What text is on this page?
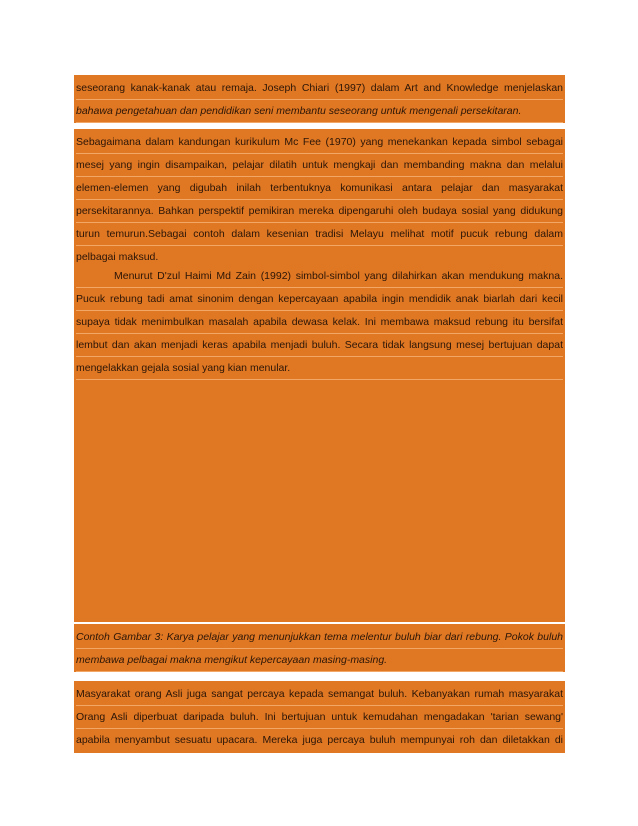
seseorang kanak-kanak atau remaja. Joseph Chiari (1997) dalam Art and Knowledge menjelaskan
bahawa pengetahuan dan pendidikan seni membantu seseorang untuk mengenali persekitaran.
Sebagaimana dalam kandungan kurikulum Mc Fee (1970) yang menekankan kepada simbol sebagai
mesej yang ingin disampaikan, pelajar dilatih untuk mengkaji dan membanding makna dan melalui
elemen-elemen yang digubah inilah terbentuknya komunikasi antara pelajar dan masyarakat
persekitarannya. Bahkan perspektif pemikiran mereka dipengaruhi oleh budaya sosial yang didukung
turun temurun.Sebagai contoh dalam kesenian tradisi Melayu melihat motif pucuk rebung dalam
pelbagai maksud.
Menurut D'zul Haimi Md Zain (1992) simbol-simbol yang dilahirkan akan mendukung makna.
Pucuk rebung tadi amat sinonim dengan kepercayaan apabila ingin mendidik anak biarlah dari kecil
supaya tidak menimbulkan masalah apabila dewasa kelak. Ini membawa maksud rebung itu bersifat
lembut dan akan menjadi keras apabila menjadi buluh. Secara tidak langsung mesej bertujuan dapat
mengelakkan gejala sosial yang kian menular.
Contoh Gambar 3: Karya pelajar yang menunjukkan tema melentur buluh biar dari rebung. Pokok buluh
membawa pelbagai makna mengikut kepercayaan masing-masing.
Masyarakat orang Asli juga sangat percaya kepada semangat buluh. Kebanyakan rumah masyarakat
Orang Asli diperbuat daripada buluh. Ini bertujuan untuk kemudahan mengadakan 'tarian sewang'
apabila menyambut sesuatu upacara. Mereka juga percaya buluh mempunyai roh dan diletakkan di
